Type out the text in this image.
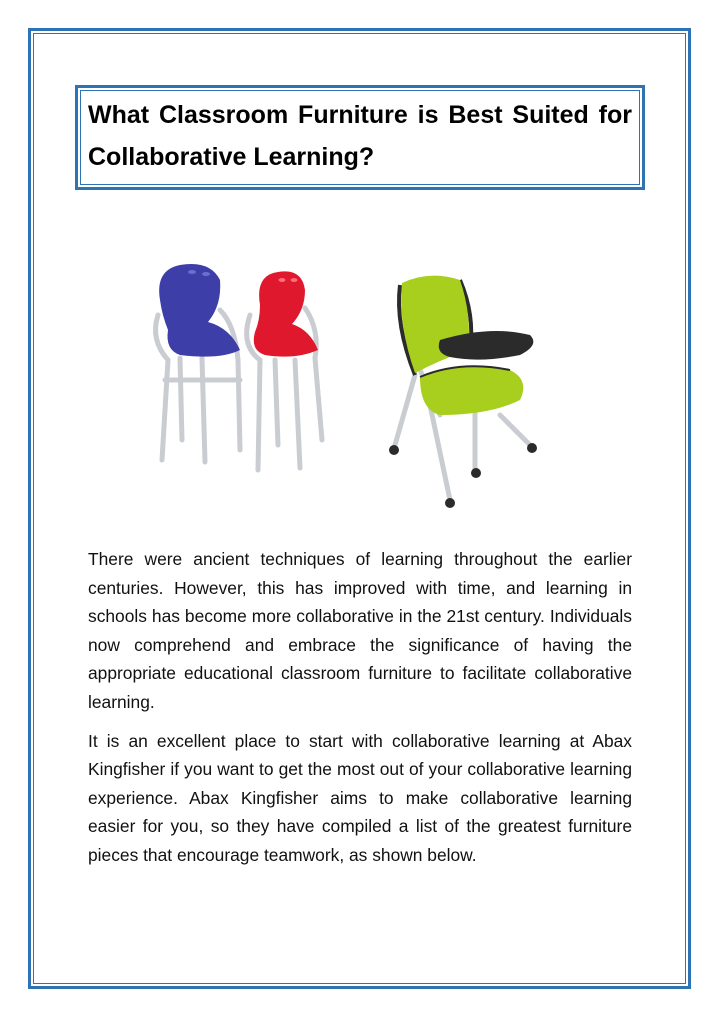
What Classroom Furniture is Best Suited for Collaborative Learning?

There were ancient techniques of learning throughout the earlier centuries. However, this has improved with time, and learning in schools has become more collaborative in the 21st century. Individuals now comprehend and embrace the significance of having the appropriate educational classroom furniture to facilitate collaborative learning.

It is an excellent place to start with collaborative learning at Abax Kingfisher if you want to get the most out of your collaborative learning experience. Abax Kingfisher aims to make collaborative learning easier for you, so they have compiled a list of the greatest furniture pieces that encourage teamwork, as shown below.
